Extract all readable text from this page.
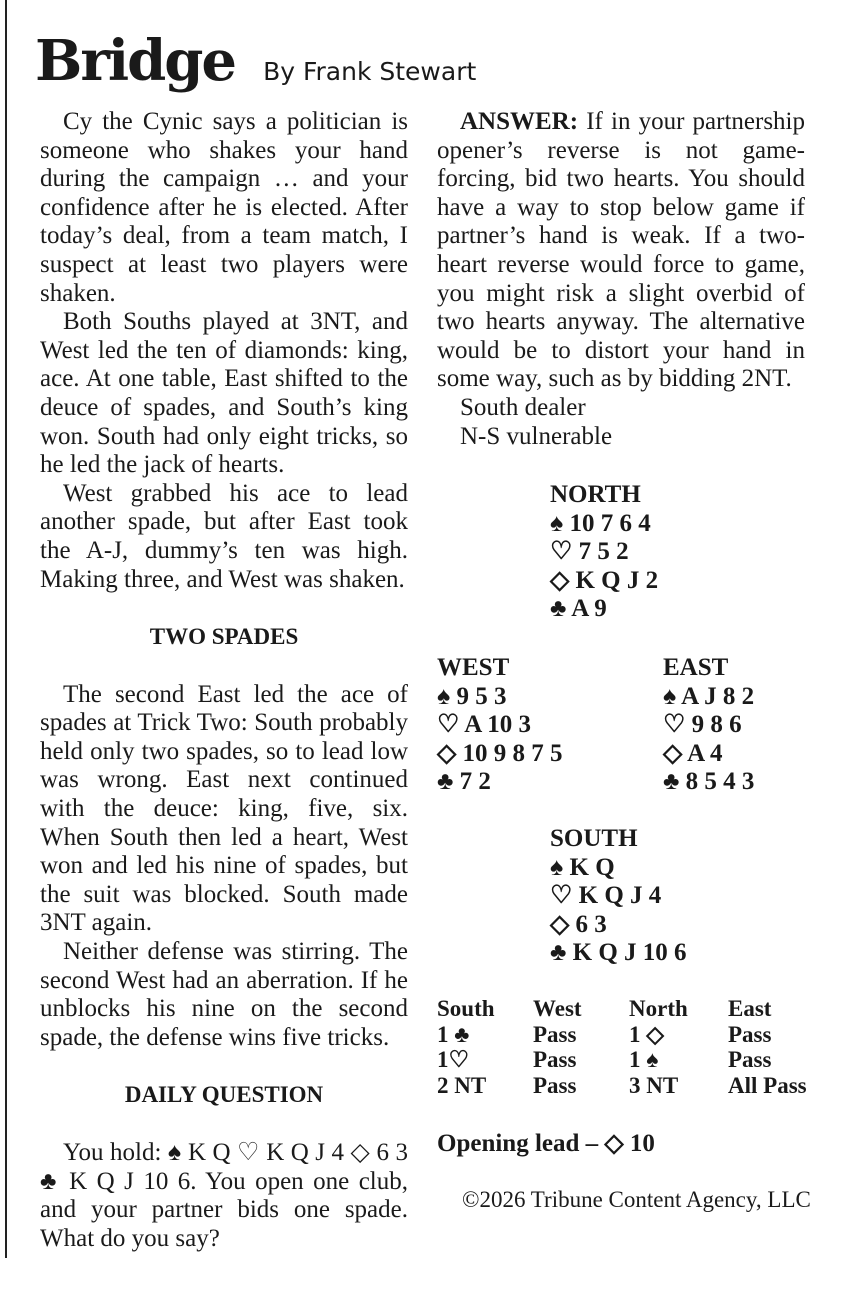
Bridge By Frank Stewart

Cy the Cynic says a politician is someone who shakes your hand during the campaign … and your confidence after he is elected. After today’s deal, from a team match, I suspect at least two players were shaken.

Both Souths played at 3NT, and West led the ten of diamonds: king, ace. At one table, East shifted to the deuce of spades, and South’s king won. South had only eight tricks, so he led the jack of hearts.

West grabbed his ace to lead another spade, but after East took the A-J, dummy’s ten was high. Making three, and West was shaken.

TWO SPADES

The second East led the ace of spades at Trick Two: South probably held only two spades, so to lead low was wrong. East next continued with the deuce: king, five, six. When South then led a heart, West won and led his nine of spades, but the suit was blocked. South made 3NT again.

Neither defense was stirring. The second West had an aberration. If he unblocks his nine on the second spade, the defense wins five tricks.

DAILY QUESTION

You hold: ♠ K Q ♡ K Q J 4 ◇ 6 3 ♣ K Q J 10 6. You open one club, and your partner bids one spade. What do you say?

ANSWER: If in your partnership opener’s reverse is not game-forcing, bid two hearts. You should have a way to stop below game if partner’s hand is weak. If a two-heart reverse would force to game, you might risk a slight overbid of two hearts anyway. The alternative would be to distort your hand in some way, such as by bidding 2NT.

South dealer

N-S vulnerable

NORTH
♠ 10 7 6 4
♡ 7 5 2
◇ K Q J 2
♣ A 9
WEST
♠ 9 5 3
♡ A 10 3
◇ 10 9 8 7 5
♣ 7 2
EAST
♠ A J 8 2
♡ 9 8 6
◇ A 4
♣ 8 5 4 3
SOUTH
♠ K Q
♡ K Q J 4
◇ 6 3
♣ K Q J 10 6
South	West	North	East
1 ♣	Pass	1 ◇	Pass
1♡	Pass	1 ♠	Pass
2 NT	Pass	3 NT	All Pass
Opening lead – ◇ 10
©2026 Tribune Content Agency, LLC
